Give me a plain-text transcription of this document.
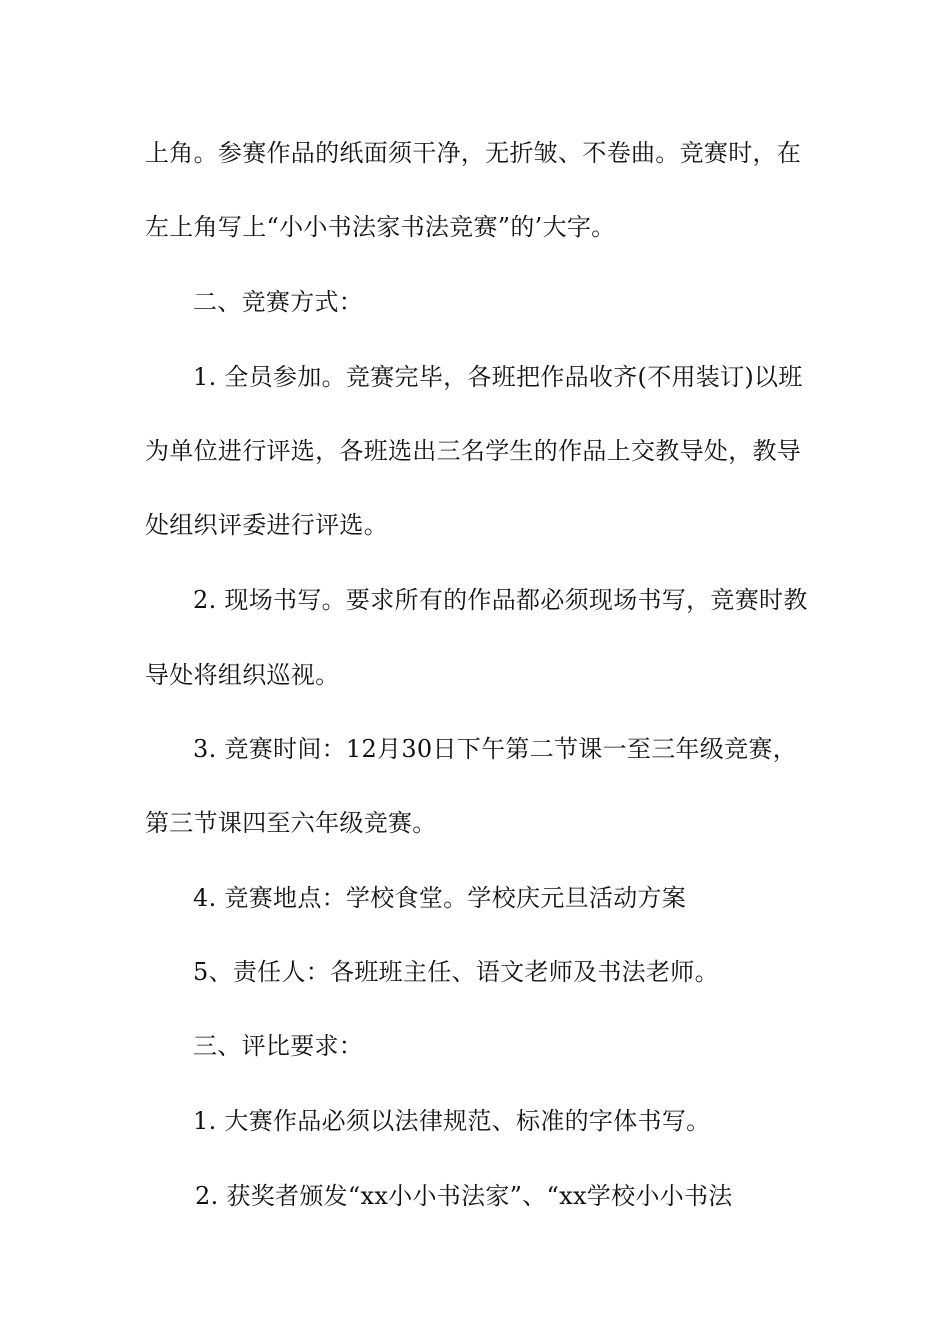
上角。参赛作品的纸面须干净，无折皱、不卷曲。竞赛时，在
左上角写上“小小书法家书法竞赛”的’大字。
二、竞赛方式：
1. 全员参加。竞赛完毕，各班把作品收齐(不用装订)以班
为单位进行评选，各班选出三名学生的作品上交教导处，教导
处组织评委进行评选。
2. 现场书写。要求所有的作品都必须现场书写，竞赛时教
导处将组织巡视。
3. 竞赛时间：12月30日下午第二节课一至三年级竞赛，
第三节课四至六年级竞赛。
4. 竞赛地点：学校食堂。学校庆元旦活动方案
5、责任人：各班班主任、语文老师及书法老师。
三、评比要求：
1. 大赛作品必须以法律规范、标准的字体书写。
2. 获奖者颁发“xx小小书法家”、“xx学校小小书法
